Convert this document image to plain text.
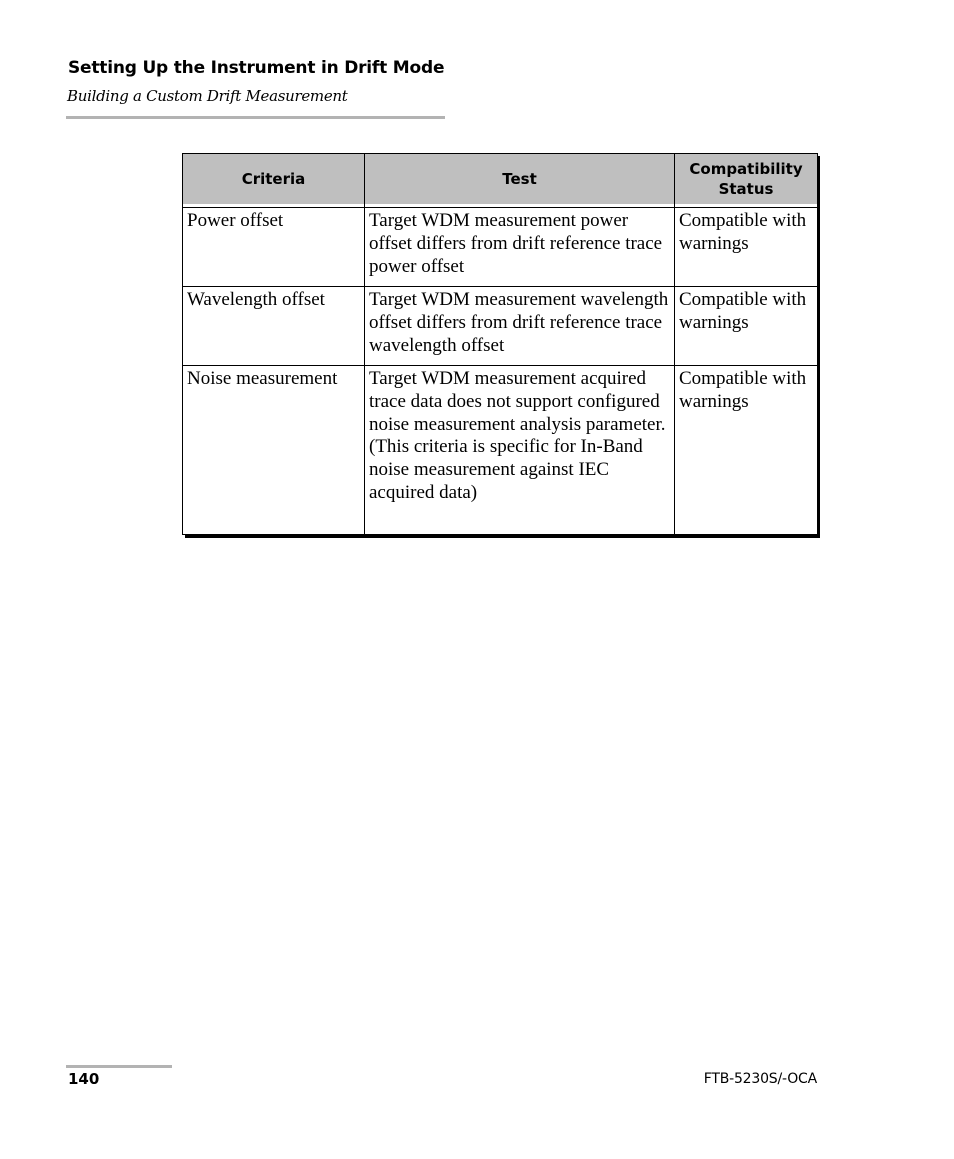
Setting Up the Instrument in Drift Mode
Building a Custom Drift Measurement
Criteria	Test	Compatibility Status

Power offset	Target WDM measurement power offset differs from drift reference trace power offset	Compatible with warnings
Wavelength offset	Target WDM measurement wavelength offset differs from drift reference trace wavelength offset	Compatible with warnings
Noise measurement	Target WDM measurement acquired trace data does not support configured noise measurement analysis parameter. (This criteria is specific for In-Band noise measurement against IEC acquired data)	Compatible with warnings
140	FTB-5230S/-OCA
